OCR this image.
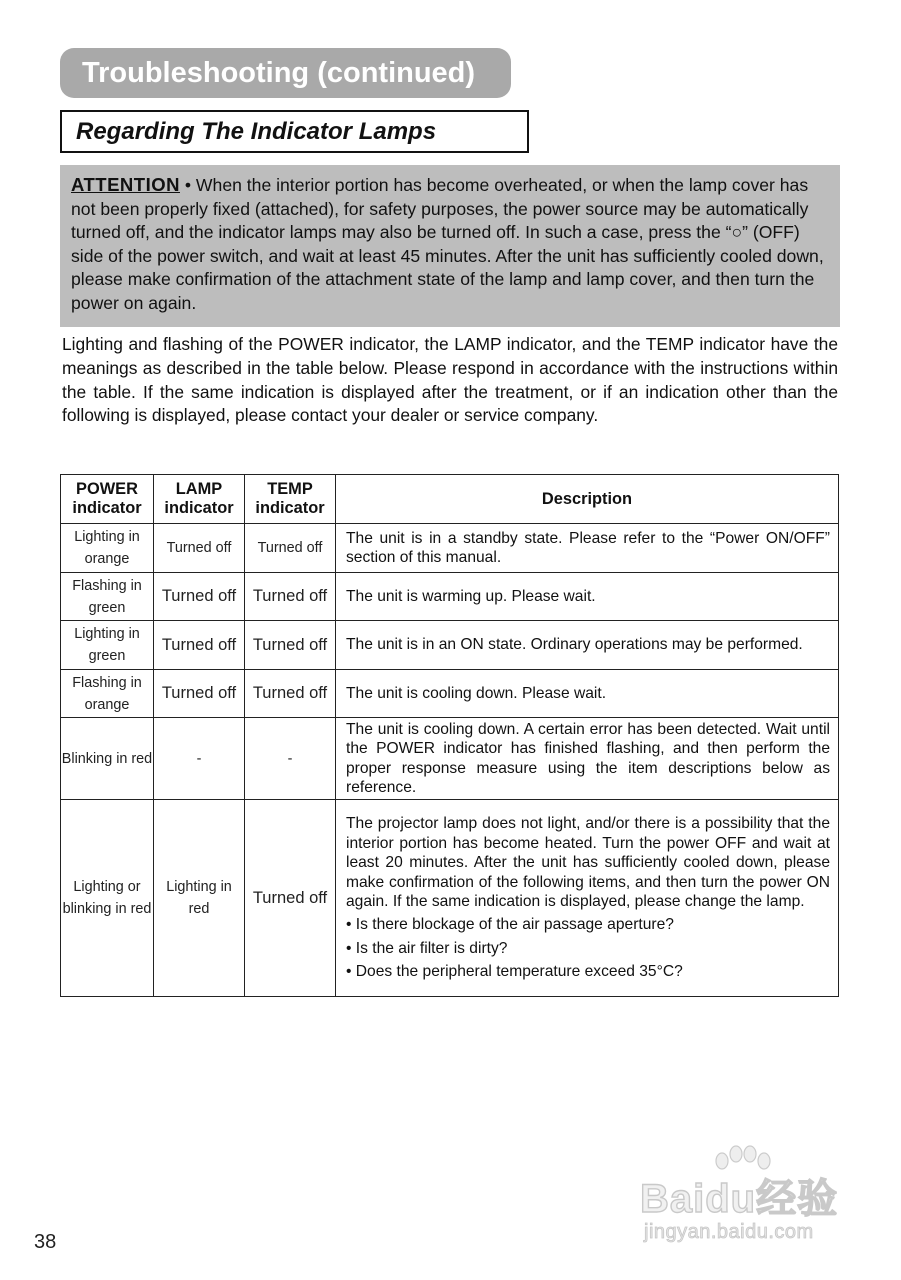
Troubleshooting (continued)
Regarding The Indicator Lamps
ATTENTION • When the interior portion has become overheated, or when the lamp cover has not been properly fixed (attached), for safety purposes, the power source may be automatically turned off, and the indicator lamps may also be turned off. In such a case, press the “○” (OFF) side of the power switch, and wait at least 45 minutes. After the unit has sufficiently cooled down, please make confirmation of the attachment state of the lamp and lamp cover, and then turn the power on again.
Lighting and flashing of the POWER indicator, the LAMP indicator, and the TEMP indicator have the meanings as described in the table below. Please respond in accordance with the instructions within the table. If the same indication is displayed after the treatment, or if an indication other than the following is displayed, please contact your dealer or service company.
POWER indicator	LAMP indicator	TEMP indicator	Description
Lighting in orange	Turned off	Turned off	The unit is in a standby state. Please refer to the “Power ON/OFF” section of this manual.

Flashing in green	Turned off	Turned off	The unit is warming up. Please wait.

Lighting in green	Turned off	Turned off	The unit is in an ON state. Ordinary operations may be performed.

Flashing in orange	Turned off	Turned off	The unit is cooling down. Please wait.

Blinking in red	-	-	The unit is cooling down. A certain error has been detected. Wait until the POWER indicator has finished flashing, and then perform the proper response measure using the item descriptions below as reference.

Lighting or blinking in red	Lighting in red	Turned off	The projector lamp does not light, and/or there is a possibility that the interior portion has become heated. Turn the power OFF and wait at least 20 minutes. After the unit has sufficiently cooled down, please make confirmation of the following items, and then turn the power ON again. If the same indication is displayed, please change the lamp.
• Is there blockage of the air passage aperture?
• Is the air filter is dirty?
• Does the peripheral temperature exceed 35°C?
38
Baidu经验
jingyan.baidu.com
